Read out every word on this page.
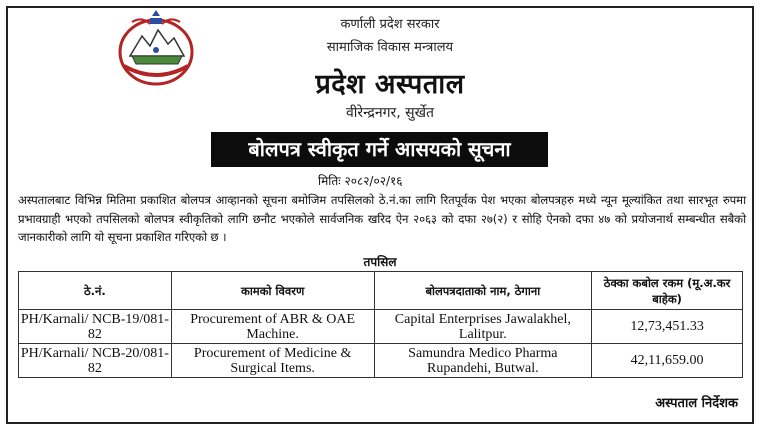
कर्णाली प्रदेश सरकार
सामाजिक विकास मन्त्रालय
प्रदेश अस्पताल
वीरेन्द्रनगर, सुर्खेत
बोलपत्र स्वीकृत गर्ने आसयको सूचना
मितिः २०८२/०२/१६
अस्पतालबाट विभिन्न मितिमा प्रकाशित बोलपत्र आव्हानको सूचना बमोजिम तपसिलको ठे.नं.का लागि रितपूर्वक पेश भएका बोलपत्रहरु मध्ये न्यून मूल्यांकित तथा सारभूत रुपमा प्रभावग्राही भएको तपसिलको बोलपत्र स्वीकृतिको लागि छनौट भएकोले सार्वजनिक खरिद ऐन २०६३ को दफा २७(२) र सोहि ऐनको दफा ४७ को प्रयोजनार्थ सम्बन्धीत सबैको जानकारीको लागि यो सूचना प्रकाशित गरिएको छ ।
तपसिल
ठे.नं.	कामको विवरण	बोलपत्रदाताको नाम, ठेगाना	ठेक्का कबोल रकम (मू.अ.कर बाहेक)
PH/Karnali/ NCB-19/081-82	Procurement of ABR & OAE Machine.	Capital Enterprises Jawalakhel, Lalitpur.	12,73,451.33
PH/Karnali/ NCB-20/081-82	Procurement of Medicine & Surgical Items.	Samundra Medico Pharma Rupandehi, Butwal.	42,11,659.00
अस्पताल निर्देशक
